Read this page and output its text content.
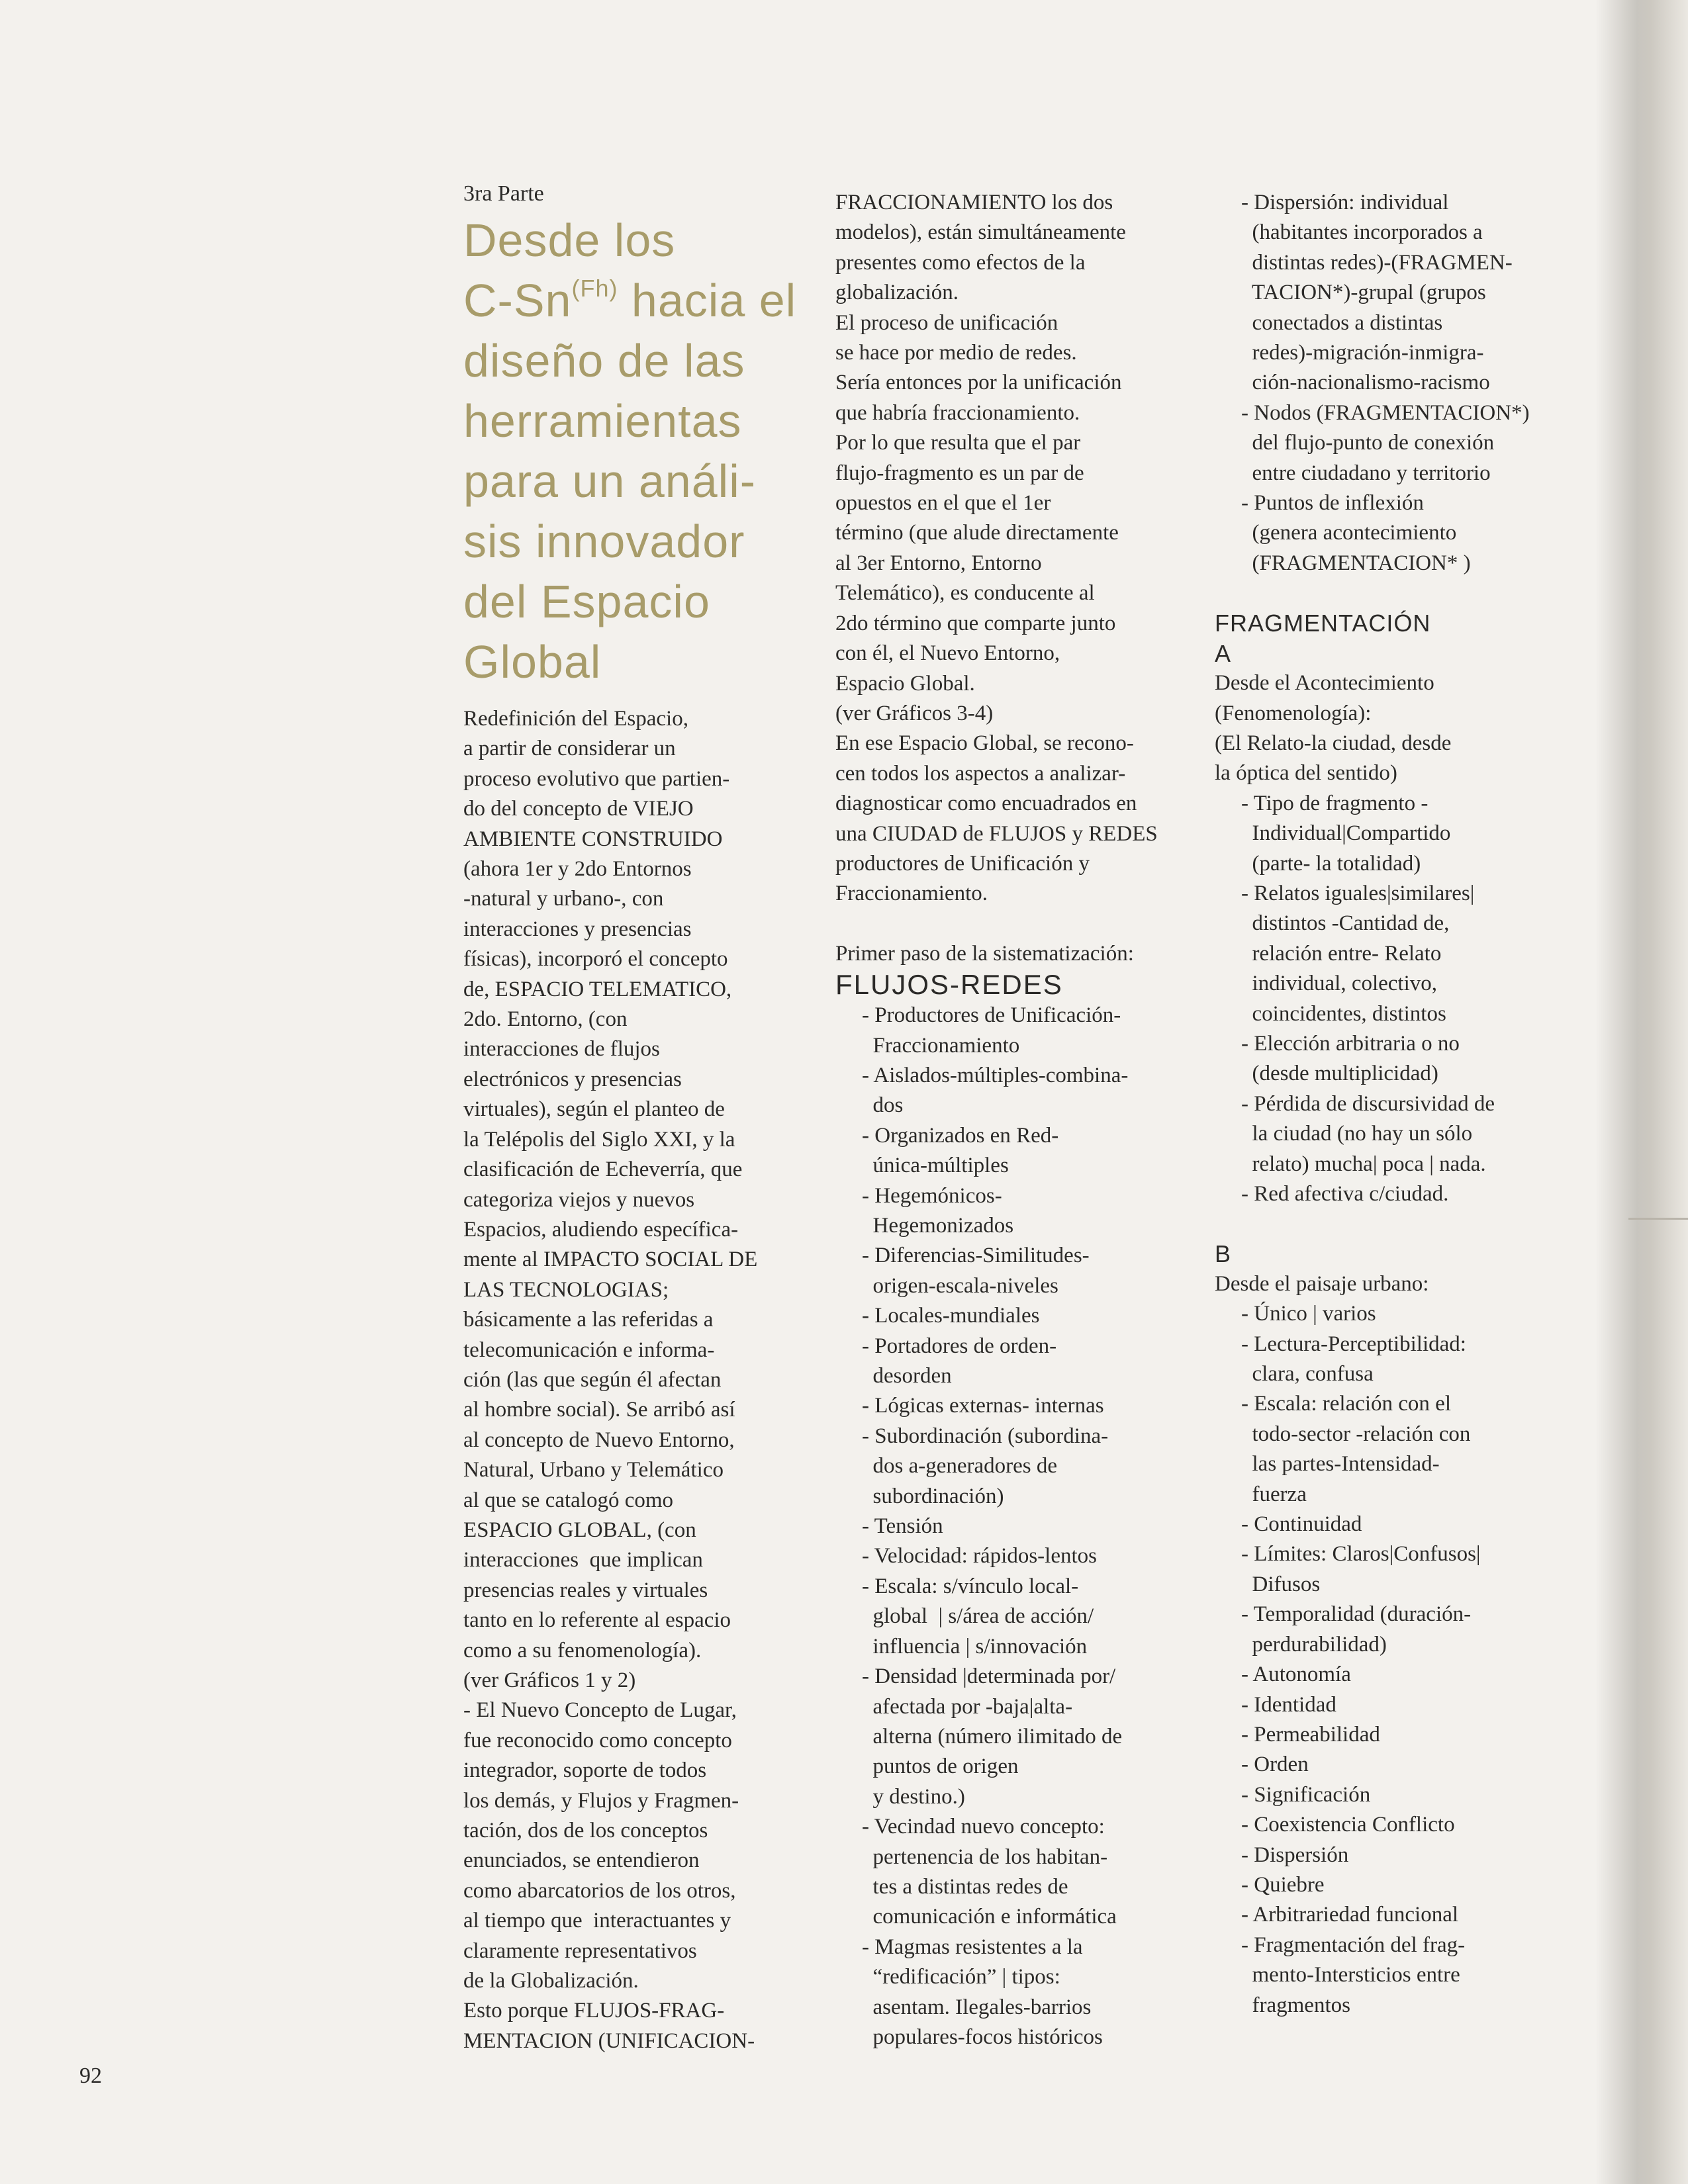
3ra Parte
Desde los
$C-Sn^{(Fh)}$ hacia el
diseño de las
herramientas
para un análi-
sis innovador
del Espacio
Global
Redefinición del Espacio,
a partir de considerar un
proceso evolutivo que partien-
do del concepto de VIEJO
AMBIENTE CONSTRUIDO
(ahora 1er y 2do Entornos
-natural y urbano-, con
interacciones y presencias
físicas), incorporó el concepto
de, ESPACIO TELEMATICO,
2do. Entorno, (con
interacciones de flujos
electrónicos y presencias
virtuales), según el planteo de
la Telépolis del Siglo XXI, y la
clasificación de Echeverría, que
categoriza viejos y nuevos
Espacios, aludiendo específica-
mente al IMPACTO SOCIAL DE
LAS TECNOLOGIAS;
básicamente a las referidas a
telecomunicación e informa-
ción (las que según él afectan
al hombre social). Se arribó así
al concepto de Nuevo Entorno,
Natural, Urbano y Telemático
al que se catalogó como
ESPACIO GLOBAL, (con
interacciones  que implican
presencias reales y virtuales
tanto en lo referente al espacio
como a su fenomenología).
(ver Gráficos 1 y 2)
- El Nuevo Concepto de Lugar,
fue reconocido como concepto
integrador, soporte de todos
los demás, y Flujos y Fragmen-
tación, dos de los conceptos
enunciados, se entendieron
como abarcatorios de los otros,
al tiempo que  interactuantes y
claramente representativos
de la Globalización.
Esto porque FLUJOS-FRAG-
MENTACION (UNIFICACION-
FRACCIONAMIENTO los dos
modelos), están simultáneamente
presentes como efectos de la
globalización.
El proceso de unificación
se hace por medio de redes.
Sería entonces por la unificación
que habría fraccionamiento.
Por lo que resulta que el par
flujo-fragmento es un par de
opuestos en el que el 1er
término (que alude directamente
al 3er Entorno, Entorno
Telemático), es conducente al
2do término que comparte junto
con él, el Nuevo Entorno,
Espacio Global.
(ver Gráficos 3-4)
En ese Espacio Global, se recono-
cen todos los aspectos a analizar-
diagnosticar como encuadrados en
una CIUDAD de FLUJOS y REDES
productores de Unificación y
Fraccionamiento.
Primer paso de la sistematización:
FLUJOS-REDES
- Productores de Unificación-
Fraccionamiento
- Aislados-múltiples-combina-
dos
- Organizados en Red-
única-múltiples
- Hegemónicos-
Hegemonizados
- Diferencias-Similitudes-
origen-escala-niveles
- Locales-mundiales
- Portadores de orden-
desorden
- Lógicas externas- internas
- Subordinación (subordina-
dos a-generadores de
subordinación)
- Tensión
- Velocidad: rápidos-lentos
- Escala: s/vínculo local-
global  | s/área de acción/
influencia | s/innovación
- Densidad |determinada por/
afectada por -baja|alta-
alterna (número ilimitado de
puntos de origen
y destino.)
- Vecindad nuevo concepto:
pertenencia de los habitan-
tes a distintas redes de
comunicación e informática
- Magmas resistentes a la
“redificación” | tipos:
asentam. Ilegales-barrios
populares-focos históricos
- Dispersión: individual
(habitantes incorporados a
distintas redes)-(FRAGMEN-
TACION*)-grupal (grupos
conectados a distintas
redes)-migración-inmigra-
ción-nacionalismo-racismo
- Nodos (FRAGMENTACION*)
del flujo-punto de conexión
entre ciudadano y territorio
- Puntos de inflexión
(genera acontecimiento
(FRAGMENTACION* )
FRAGMENTACIÓN
A
Desde el Acontecimiento
(Fenomenología):
(El Relato-la ciudad, desde
la óptica del sentido)
- Tipo de fragmento -
Individual|Compartido
(parte- la totalidad)
- Relatos iguales|similares|
distintos -Cantidad de,
relación entre- Relato
individual, colectivo,
coincidentes, distintos
- Elección arbitraria o no
(desde multiplicidad)
- Pérdida de discursividad de
la ciudad (no hay un sólo
relato) mucha| poca | nada.
- Red afectiva c/ciudad.
B
Desde el paisaje urbano:
- Único | varios
- Lectura-Perceptibilidad:
clara, confusa
- Escala: relación con el
todo-sector -relación con
las partes-Intensidad-
fuerza
- Continuidad
- Límites: Claros|Confusos|
Difusos
- Temporalidad (duración-
perdurabilidad)
- Autonomía
- Identidad
- Permeabilidad
- Orden
- Significación
- Coexistencia Conflicto
- Dispersión
- Quiebre
- Arbitrariedad funcional
- Fragmentación del frag-
mento-Intersticios entre
fragmentos
92
